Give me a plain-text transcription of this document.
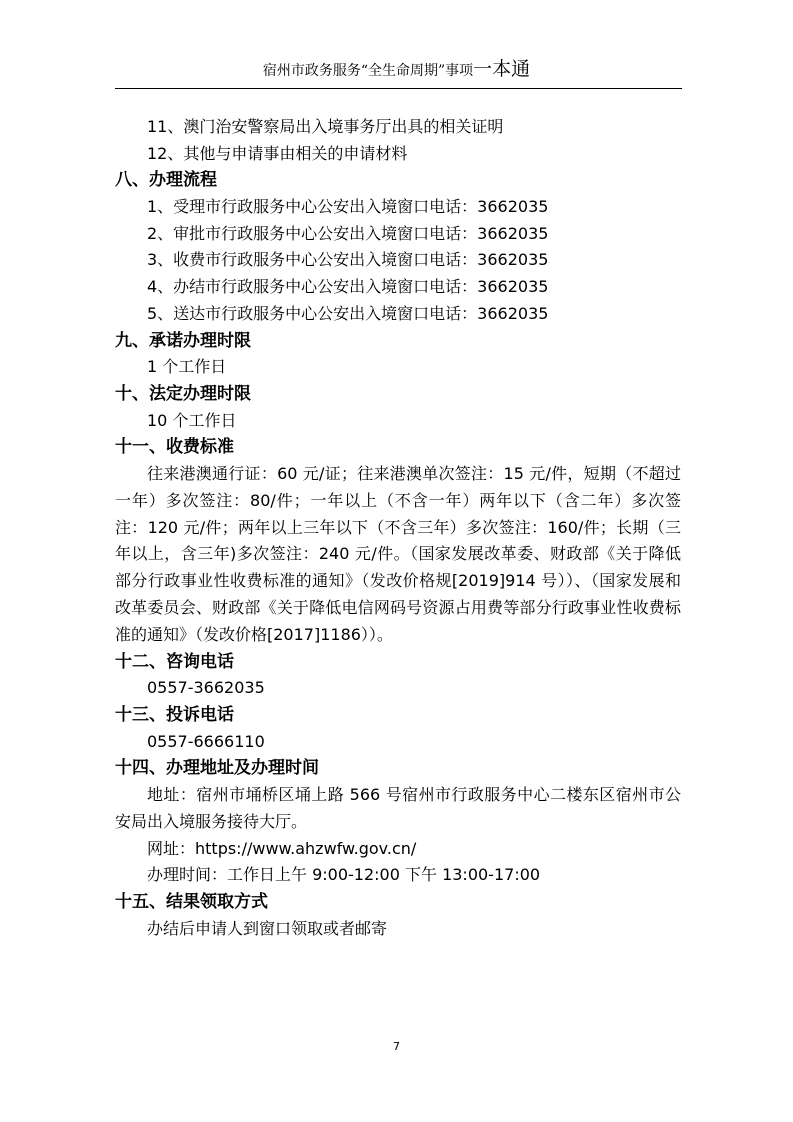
宿州市政务服务“全生命周期”事项一本通
11、澳门治安警察局出入境事务厅出具的相关证明
12、其他与申请事由相关的申请材料
八、办理流程
1、受理市行政服务中心公安出入境窗口电话：3662035
2、审批市行政服务中心公安出入境窗口电话：3662035
3、收费市行政服务中心公安出入境窗口电话：3662035
4、办结市行政服务中心公安出入境窗口电话：3662035
5、送达市行政服务中心公安出入境窗口电话：3662035
九、承诺办理时限
1 个工作日
十、法定办理时限
10 个工作日
十一、收费标准
往来港澳通行证：60 元/证；往来港澳单次签注：15 元/件，短期（不超过一年）多次签注：80/件；一年以上（不含一年）两年以下（含二年）多次签注：120 元/件；两年以上三年以下（不含三年）多次签注：160/件；长期（三年以上，含三年)多次签注：240 元/件。（国家发展改革委、财政部《关于降低部分行政事业性收费标准的通知》（发改价格规[2019]914 号））、（国家发展和改革委员会、财政部《关于降低电信网码号资源占用费等部分行政事业性收费标准的通知》（发改价格[2017]1186））。
十二、咨询电话
0557-3662035
十三、投诉电话
0557-6666110
十四、办理地址及办理时间
地址：宿州市埇桥区埇上路 566 号宿州市行政服务中心二楼东区宿州市公安局出入境服务接待大厅。
网址：https://www.ahzwfw.gov.cn/
办理时间：工作日上午 9:00-12:00 下午 13:00-17:00
十五、结果领取方式
办结后申请人到窗口领取或者邮寄
7
